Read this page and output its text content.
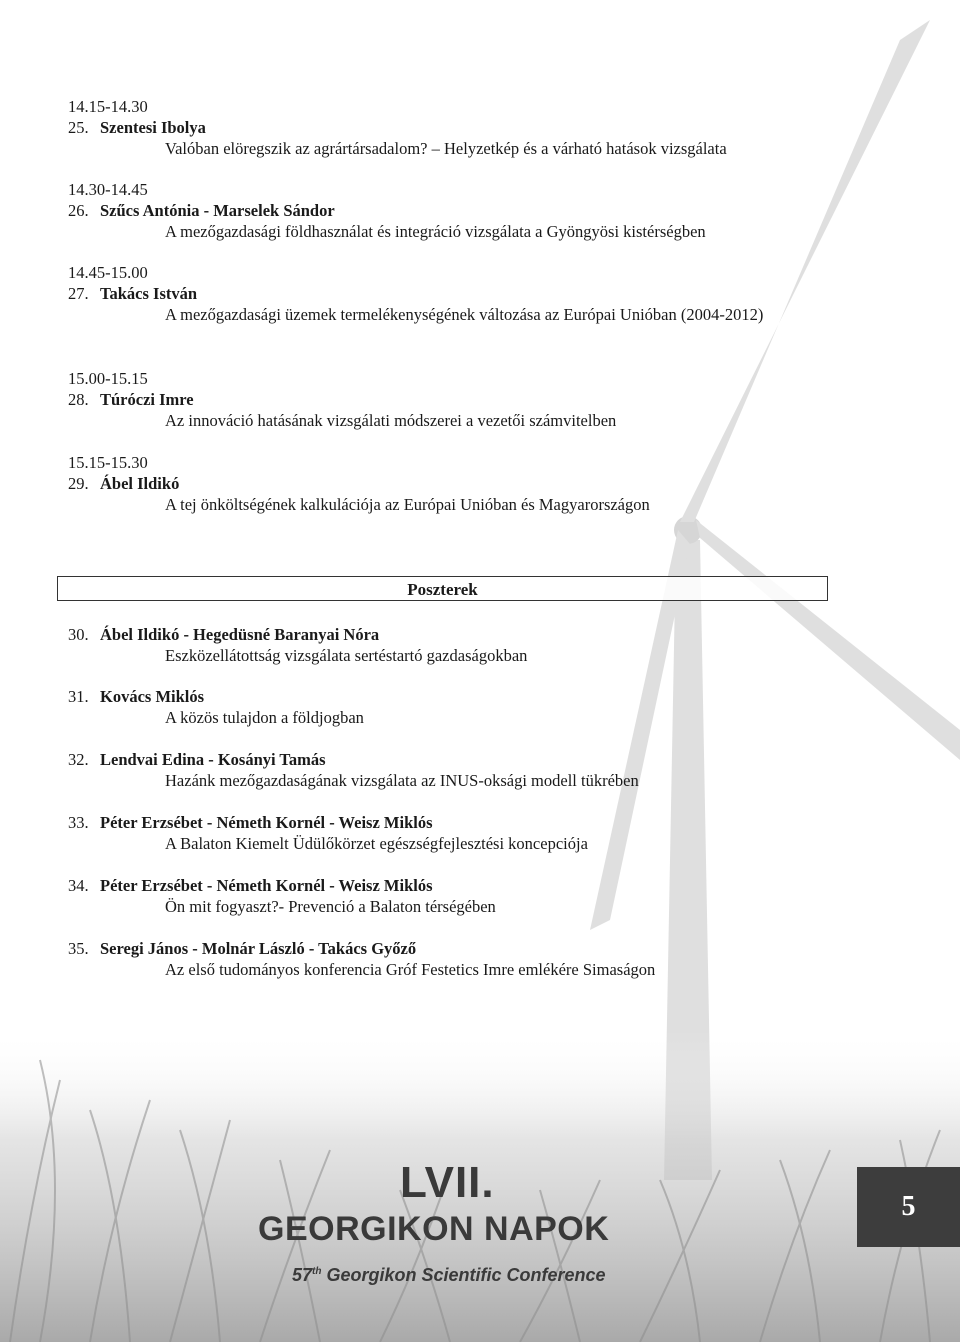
14.15-14.30
25. Szentesi Ibolya
Valóban elöregszik az agrártársadalom? – Helyzetkép és a várható hatások vizsgálata
14.30-14.45
26. Szűcs Antónia - Marselek Sándor
A mezőgazdasági földhasználat és integráció vizsgálata a Gyöngyösi kistérségben
14.45-15.00
27. Takács István
A mezőgazdasági üzemek termelékenységének változása az Európai Unióban (2004-2012)
15.00-15.15
28. Túróczi Imre
Az innováció hatásának vizsgálati módszerei a vezetői számvitelben
15.15-15.30
29. Ábel Ildikó
A tej önköltségének kalkulációja az Európai Unióban és Magyarországon
Poszterek
30. Ábel Ildikó - Hegedüsné Baranyai Nóra
Eszközellátottság vizsgálata sertéstartó gazdaságokban
31. Kovács Miklós
A közös tulajdon a földjogban
32. Lendvai Edina - Kosányi Tamás
Hazánk mezőgazdaságának vizsgálata az INUS-oksági modell tükrében
33. Péter Erzsébet - Németh Kornél - Weisz Miklós
A Balaton Kiemelt Üdülőkörzet egészségfejlesztési koncepciója
34. Péter Erzsébet - Németh Kornél - Weisz Miklós
Ön mit fogyaszt?- Prevenció a Balaton térségében
35. Seregi János - Molnár László - Takács Győző
Az első tudományos konferencia Gróf Festetics Imre emlékére Simaságon
LVII.
GEORGIKON NAPOK
57th Georgikon Scientific Conference
5
